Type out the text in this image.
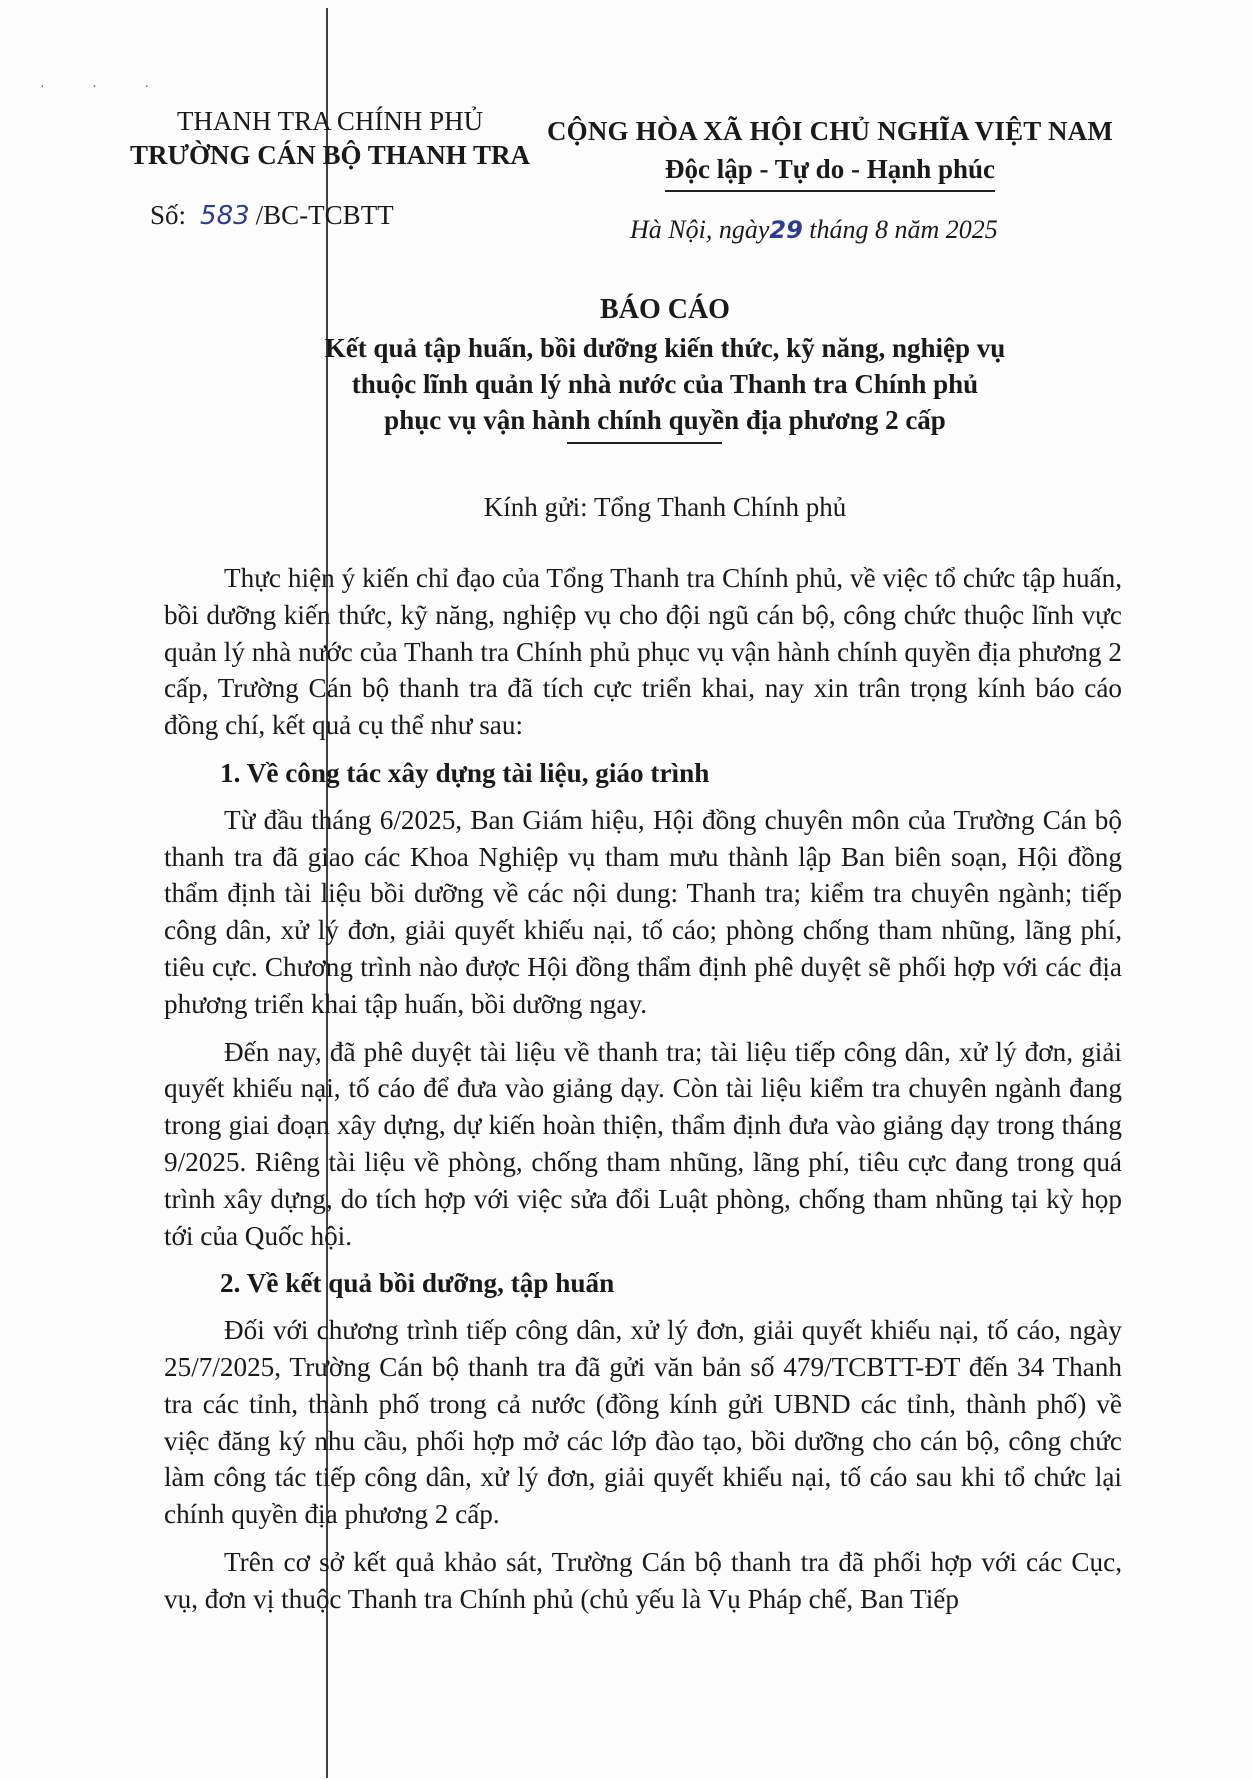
· · ·
THANH TRA CHÍNH PHỦ
TRƯỜNG CÁN BỘ THANH TRA
CỘNG HÒA XÃ HỘI CHỦ NGHĨA VIỆT NAM
Độc lập - Tự do - Hạnh phúc
Số: 583 /BC-TCBTT	Hà Nội, ngày29 tháng 8 năm 2025
BÁO CÁO
Kết quả tập huấn, bồi dưỡng kiến thức, kỹ năng, nghiệp vụ
thuộc lĩnh quản lý nhà nước của Thanh tra Chính phủ
phục vụ vận hành chính quyền địa phương 2 cấp
Kính gửi: Tổng Thanh Chính phủ

Thực hiện ý kiến chỉ đạo của Tổng Thanh tra Chính phủ, về việc tổ chức tập huấn, bồi dưỡng kiến thức, kỹ năng, nghiệp vụ cho đội ngũ cán bộ, công chức thuộc lĩnh vực quản lý nhà nước của Thanh tra Chính phủ phục vụ vận hành chính quyền địa phương 2 cấp, Trường Cán bộ thanh tra đã tích cực triển khai, nay xin trân trọng kính báo cáo đồng chí, kết quả cụ thể như sau:

1. Về công tác xây dựng tài liệu, giáo trình

Từ đầu tháng 6/2025, Ban Giám hiệu, Hội đồng chuyên môn của Trường Cán bộ thanh tra đã giao các Khoa Nghiệp vụ tham mưu thành lập Ban biên soạn, Hội đồng thẩm định tài liệu bồi dưỡng về các nội dung: Thanh tra; kiểm tra chuyên ngành; tiếp công dân, xử lý đơn, giải quyết khiếu nại, tố cáo; phòng chống tham nhũng, lãng phí, tiêu cực. Chương trình nào được Hội đồng thẩm định phê duyệt sẽ phối hợp với các địa phương triển khai tập huấn, bồi dưỡng ngay.

Đến nay, đã phê duyệt tài liệu về thanh tra; tài liệu tiếp công dân, xử lý đơn, giải quyết khiếu nại, tố cáo để đưa vào giảng dạy. Còn tài liệu kiểm tra chuyên ngành đang trong giai đoạn xây dựng, dự kiến hoàn thiện, thẩm định đưa vào giảng dạy trong tháng 9/2025. Riêng tài liệu về phòng, chống tham nhũng, lãng phí, tiêu cực đang trong quá trình xây dựng, do tích hợp với việc sửa đổi Luật phòng, chống tham nhũng tại kỳ họp tới của Quốc hội.

2. Về kết quả bồi dưỡng, tập huấn

Đối với chương trình tiếp công dân, xử lý đơn, giải quyết khiếu nại, tố cáo, ngày 25/7/2025, Trường Cán bộ thanh tra đã gửi văn bản số 479/TCBTT-ĐT đến 34 Thanh tra các tỉnh, thành phố trong cả nước (đồng kính gửi UBND các tỉnh, thành phố) về việc đăng ký nhu cầu, phối hợp mở các lớp đào tạo, bồi dưỡng cho cán bộ, công chức làm công tác tiếp công dân, xử lý đơn, giải quyết khiếu nại, tố cáo sau khi tổ chức lại chính quyền địa phương 2 cấp.

Trên cơ sở kết quả khảo sát, Trường Cán bộ thanh tra đã phối hợp với các Cục, vụ, đơn vị thuộc Thanh tra Chính phủ (chủ yếu là Vụ Pháp chế, Ban Tiếp
